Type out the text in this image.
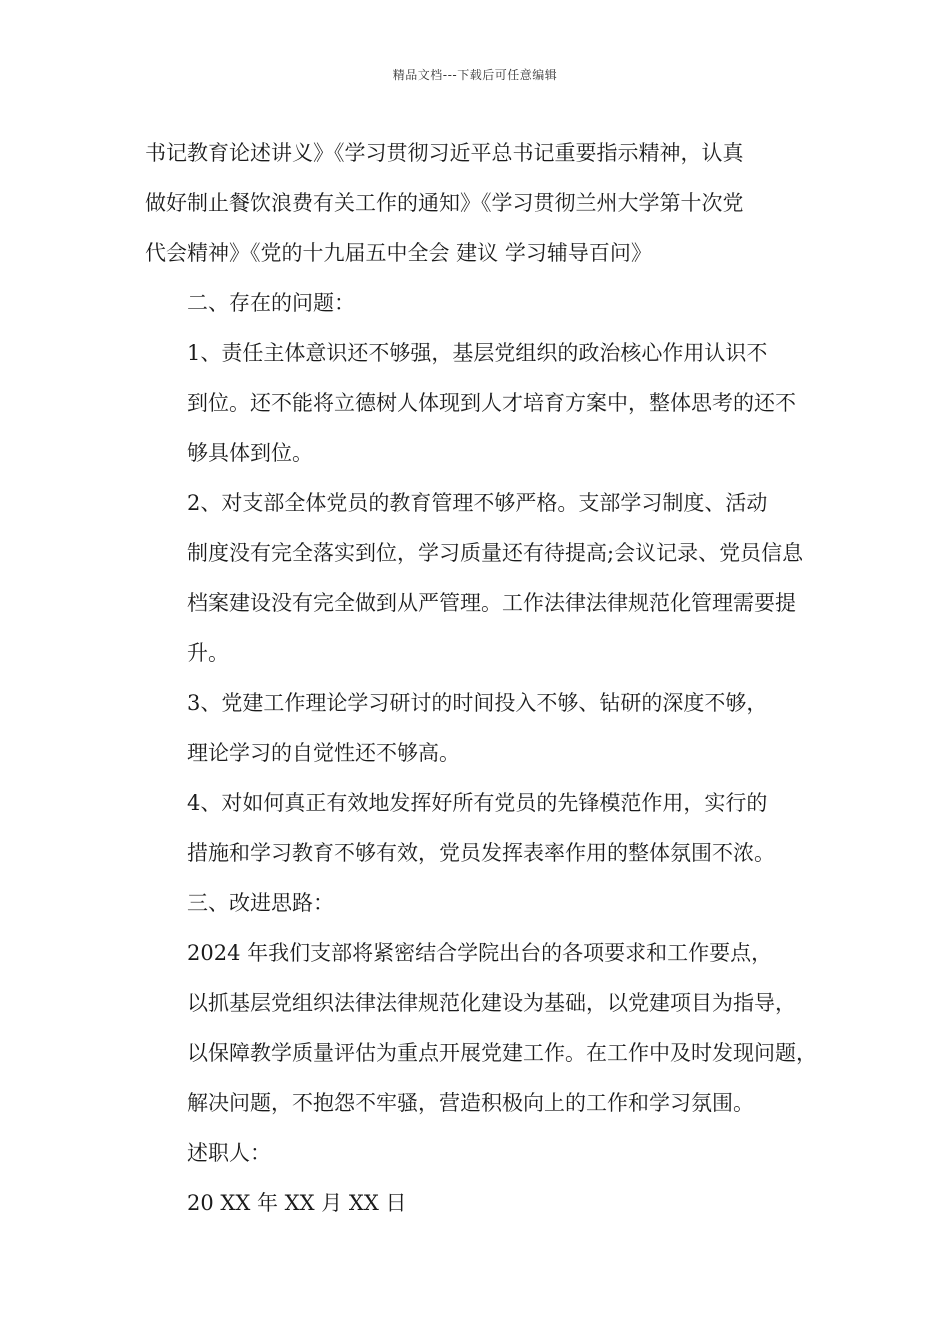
精品文档---下载后可任意编辑

书记教育论述讲义》《学习贯彻习近平总书记重要指示精神，认真
做好制止餐饮浪费有关工作的通知》《学习贯彻兰州大学第十次党
代会精神》《党的十九届五中全会 建议 学习辅导百问》

二、存在的问题：

1、责任主体意识还不够强，基层党组织的政治核心作用认识不
到位。还不能将立德树人体现到人才培育方案中，整体思考的还不
够具体到位。

2、对支部全体党员的教育管理不够严格。支部学习制度、活动
制度没有完全落实到位，学习质量还有待提高;会议记录、党员信息
档案建设没有完全做到从严管理。工作法律法律规范化管理需要提
升。

3、党建工作理论学习研讨的时间投入不够、钻研的深度不够，
理论学习的自觉性还不够高。

4、对如何真正有效地发挥好所有党员的先锋模范作用，实行的
措施和学习教育不够有效，党员发挥表率作用的整体氛围不浓。

三、改进思路：

2024 年我们支部将紧密结合学院出台的各项要求和工作要点，
以抓基层党组织法律法律规范化建设为基础，以党建项目为指导，
以保障教学质量评估为重点开展党建工作。在工作中及时发现问题，
解决问题，不抱怨不牢骚，营造积极向上的工作和学习氛围。

述职人：

20 XX 年 XX 月 XX 日
